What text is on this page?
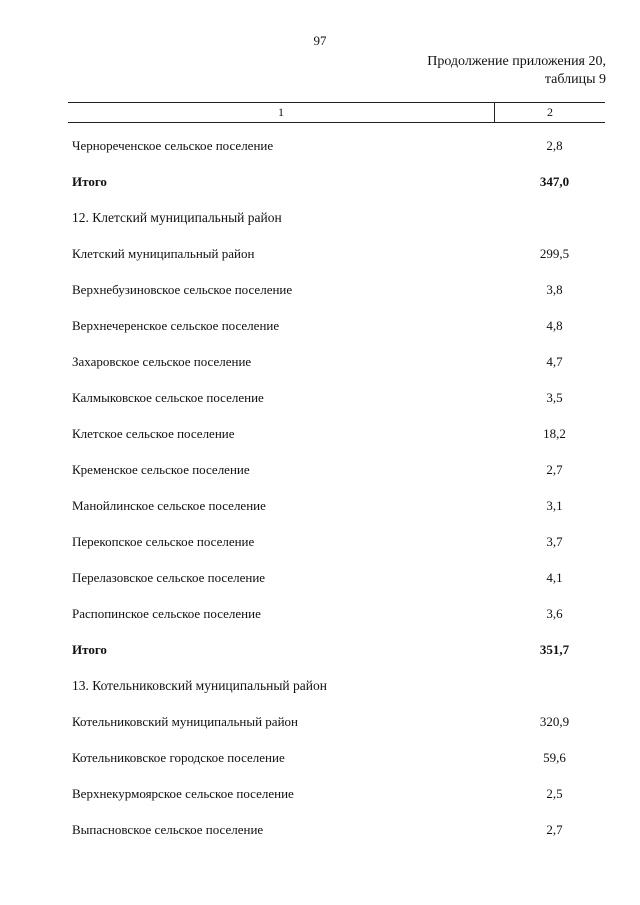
97
Продолжение приложения 20,
таблицы 9
1	2
Чернореченское сельское поселение	2,8
Итого	347,0
12. Клетский муниципальный район
Клетский муниципальный район	299,5
Верхнебузиновское сельское поселение	3,8
Верхнечеренское сельское поселение	4,8
Захаровское сельское поселение	4,7
Калмыковское сельское поселение	3,5
Клетское сельское поселение	18,2
Кременское сельское поселение	2,7
Манойлинское сельское поселение	3,1
Перекопское сельское поселение	3,7
Перелазовское сельское поселение	4,1
Распопинское сельское поселение	3,6
Итого	351,7
13. Котельниковский муниципальный район
Котельниковский муниципальный район	320,9
Котельниковское городское поселение	59,6
Верхнекурмоярское сельское поселение	2,5
Выпасновское сельское поселение	2,7
